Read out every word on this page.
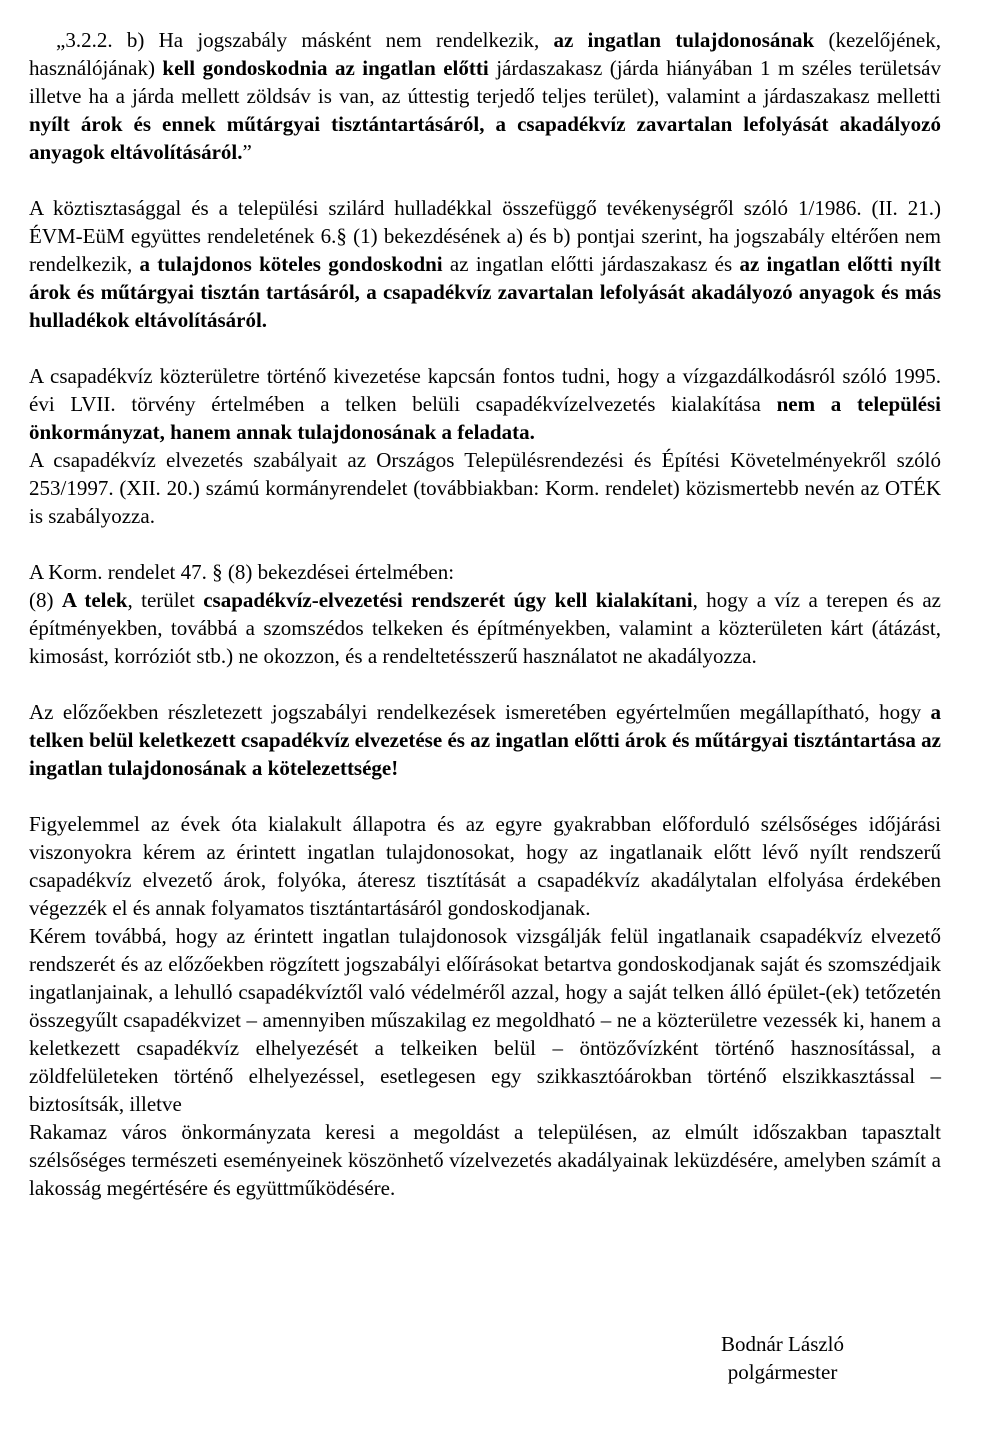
„3.2.2. b) Ha jogszabály másként nem rendelkezik, az ingatlan tulajdonosának (kezelőjének, használójának) kell gondoskodnia az ingatlan előtti járdaszakasz (járda hiányában 1 m széles területsáv illetve ha a járda mellett zöldsáv is van, az úttestig terjedő teljes terület), valamint a járdaszakasz melletti nyílt árok és ennek műtárgyai tisztántartásáról, a csapadékvíz zavartalan lefolyását akadályozó anyagok eltávolításáról.”

A köztisztasággal és a települési szilárd hulladékkal összefüggő tevékenységről szóló 1/1986. (II. 21.) ÉVM-EüM együttes rendeletének 6.§ (1) bekezdésének a) és b) pontjai szerint, ha jogszabály eltérően nem rendelkezik, a tulajdonos köteles gondoskodni az ingatlan előtti járdaszakasz és az ingatlan előtti nyílt árok és műtárgyai tisztán tartásáról, a csapadékvíz zavartalan lefolyását akadályozó anyagok és más hulladékok eltávolításáról.

A csapadékvíz közterületre történő kivezetése kapcsán fontos tudni, hogy a vízgazdálkodásról szóló 1995. évi LVII. törvény értelmében a telken belüli csapadékvízelvezetés kialakítása nem a települési önkormányzat, hanem annak tulajdonosának a feladata.

A csapadékvíz elvezetés szabályait az Országos Településrendezési és Építési Követelményekről szóló 253/1997. (XII. 20.) számú kormányrendelet (továbbiakban: Korm. rendelet) közismertebb nevén az OTÉK is szabályozza.

A Korm. rendelet 47. § (8) bekezdései értelmében:

(8) A telek, terület csapadékvíz-elvezetési rendszerét úgy kell kialakítani, hogy a víz a terepen és az építményekben, továbbá a szomszédos telkeken és építményekben, valamint a közterületen kárt (átázást, kimosást, korróziót stb.) ne okozzon, és a rendeltetésszerű használatot ne akadályozza.

Az előzőekben részletezett jogszabályi rendelkezések ismeretében egyértelműen megállapítható, hogy a telken belül keletkezett csapadékvíz elvezetése és az ingatlan előtti árok és műtárgyai tisztántartása az ingatlan tulajdonosának a kötelezettsége!

Figyelemmel az évek óta kialakult állapotra és az egyre gyakrabban előforduló szélsőséges időjárási viszonyokra kérem az érintett ingatlan tulajdonosokat, hogy az ingatlanaik előtt lévő nyílt rendszerű csapadékvíz elvezető árok, folyóka, áteresz tisztítását a csapadékvíz akadálytalan elfolyása érdekében végezzék el és annak folyamatos tisztántartásáról gondoskodjanak.

Kérem továbbá, hogy az érintett ingatlan tulajdonosok vizsgálják felül ingatlanaik csapadékvíz elvezető rendszerét és az előzőekben rögzített jogszabályi előírásokat betartva gondoskodjanak saját és szomszédjaik ingatlanjainak, a lehulló csapadékvíztől való védelméről azzal, hogy a saját telken álló épület-(ek) tetőzetén összegyűlt csapadékvizet – amennyiben műszakilag ez megoldható – ne a közterületre vezessék ki, hanem a keletkezett csapadékvíz elhelyezését a telkeiken belül – öntözővízként történő hasznosítással, a zöldfelületeken történő elhelyezéssel, esetlegesen egy szikkasztóárokban történő elszikkasztással – biztosítsák, illetve

Rakamaz város önkormányzata keresi a megoldást a településen, az elmúlt időszakban tapasztalt szélsőséges természeti eseményeinek köszönhető vízelvezetés akadályainak leküzdésére, amelyben számít a lakosság megértésére és együttműködésére.

Bodnár László
polgármester
